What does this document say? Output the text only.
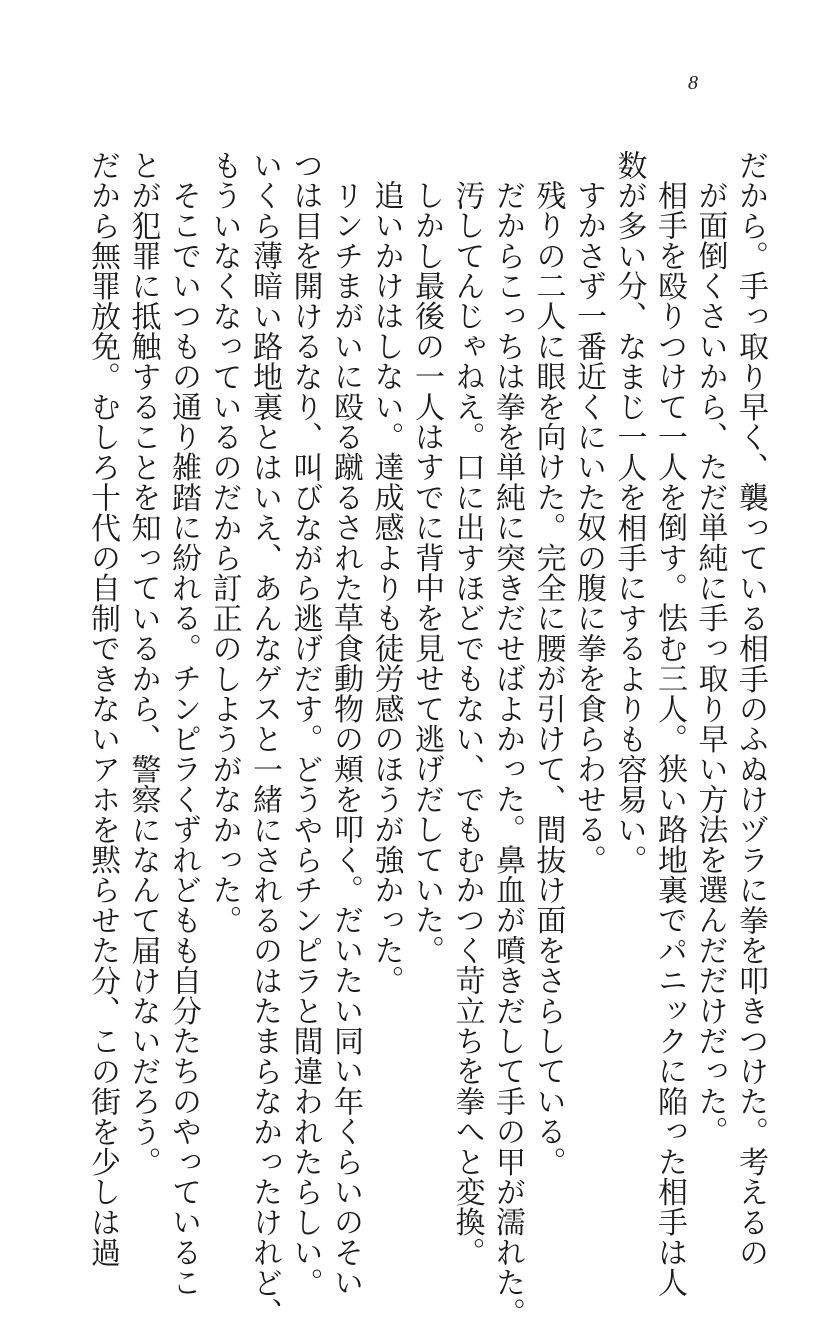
8

だから。手っ取り早く、襲っている相手のふぬけヅラに拳を叩きつけた。考えるの

が面倒くさいから、ただ単純に手っ取り早い方法を選んだだけだった。

相手を殴りつけて一人を倒す。怯む三人。狭い路地裏でパニックに陥った相手は人

数が多い分、なまじ一人を相手にするよりも容易い。

すかさず一番近くにいた奴の腹に拳を食らわせる。

残りの二人に眼を向けた。完全に腰が引けて、間抜け面をさらしている。

だからこっちは拳を単純に突きだせばよかった。鼻血が噴きだして手の甲が濡れた。

汚してんじゃねえ。口に出すほどでもない、でもむかつく苛立ちを拳へと変換。

しかし最後の一人はすでに背中を見せて逃げだしていた。

追いかけはしない。達成感よりも徒労感のほうが強かった。

リンチまがいに殴る蹴るされた草食動物の頬を叩く。だいたい同い年くらいのそい

つは目を開けるなり、叫びながら逃げだす。どうやらチンピラと間違われたらしい。

いくら薄暗い路地裏とはいえ、あんなゲスと一緒にされるのはたまらなかったけれど、

もういなくなっているのだから訂正のしようがなかった。

そこでいつもの通り雑踏に紛れる。チンピラくずれどもも自分たちのやっているこ

とが犯罪に抵触することを知っているから、警察になんて届けないだろう。

だから無罪放免。むしろ十代の自制できないアホを黙らせた分、この街を少しは過
